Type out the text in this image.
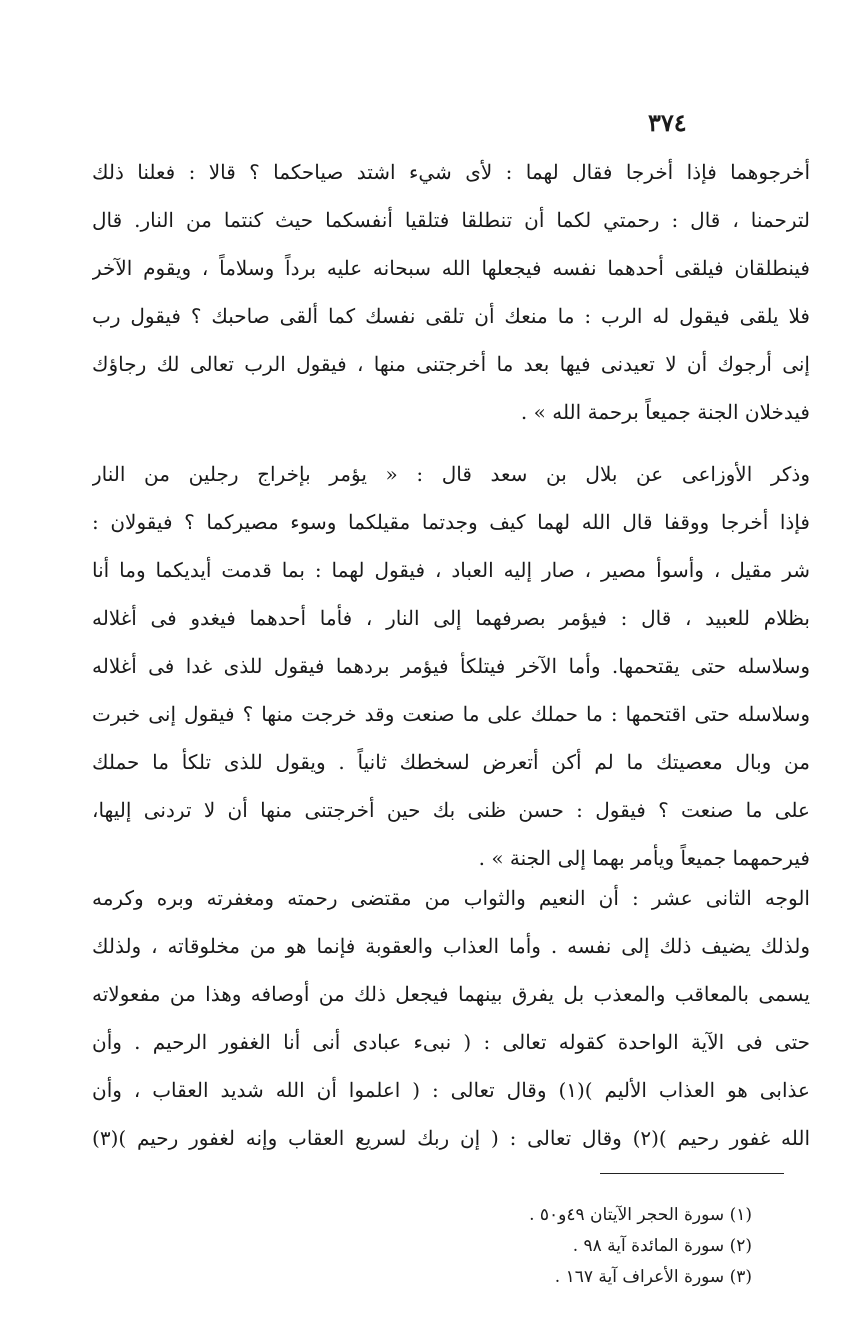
٣٧٤
أخرجوهما فإذا أخرجا فقال لهما : لأى شيء اشتد صياحكما ؟ قالا : فعلنا ذلك
لترحمنا ، قال : رحمتي لكما أن تنطلقا فتلقيا أنفسكما حيث كنتما من النار. قال
فينطلقان فيلقى أحدهما نفسه فيجعلها الله سبحانه عليه برداً وسلاماً ، ويقوم الآخر
فلا يلقى فيقول له الرب : ما منعك أن تلقى نفسك كما ألقى صاحبك ؟ فيقول رب
إنى أرجوك أن لا تعيدنى فيها بعد ما أخرجتنى منها ، فيقول الرب تعالى لك رجاؤك
فيدخلان الجنة جميعاً برحمة الله » .
وذكر الأوزاعى عن بلال بن سعد قال : « يؤمر بإخراج رجلين من النار
فإذا أخرجا ووقفا قال الله لهما كيف وجدتما مقيلكما وسوء مصيركما ؟ فيقولان :
شر مقيل ، وأسوأ مصير ، صار إليه العباد ، فيقول لهما : بما قدمت أيديكما وما أنا
بظلام للعبيد ، قال : فيؤمر بصرفهما إلى النار ، فأما أحدهما فيغدو فى أغلاله
وسلاسله حتى يقتحمها. وأما الآخر فيتلكأ فيؤمر بردهما فيقول للذى غدا فى أغلاله
وسلاسله حتى اقتحمها : ما حملك على ما صنعت وقد خرجت منها ؟ فيقول إنى خبرت
من وبال معصيتك ما لم أكن أتعرض لسخطك ثانياً . ويقول للذى تلكأ ما حملك
على ما صنعت ؟ فيقول : حسن ظنى بك حين أخرجتنى منها أن لا تردنى إليها،
فيرحمهما جميعاً ويأمر بهما إلى الجنة » .
الوجه الثانى عشر : أن النعيم والثواب من مقتضى رحمته ومغفرته وبره وكرمه
ولذلك يضيف ذلك إلى نفسه . وأما العذاب والعقوبة فإنما هو من مخلوقاته ، ولذلك
يسمى بالمعاقب والمعذب بل يفرق بينهما فيجعل ذلك من أوصافه وهذا من مفعولاته
حتى فى الآية الواحدة كقوله تعالى : ( نبىء عبادى أنى أنا الغفور الرحيم . وأن
عذابى هو العذاب الأليم )(١) وقال تعالى : ( اعلموا أن الله شديد العقاب ، وأن
الله غفور رحيم )(٢) وقال تعالى : ( إن ربك لسريع العقاب وإنه لغفور رحيم )(٣)
(١) سورة الحجر الآيتان ٤٩و٥٠ .
(٢) سورة المائدة آية ٩٨ .
(٣) سورة الأعراف آية ١٦٧ .
